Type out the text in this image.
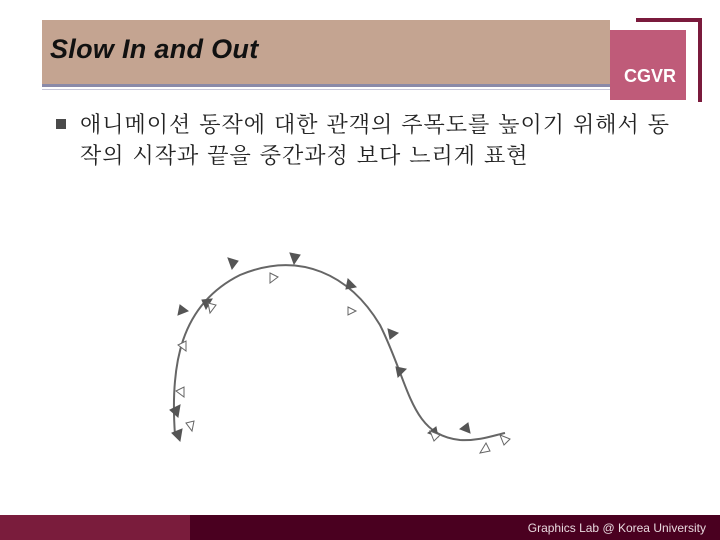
Slow In and Out
CGVR
애니메이션 동작에 대한 관객의 주목도를 높이기 위해서 동작의 시작과 끝을 중간과정 보다 느리게 표현
Graphics Lab @ Korea University
